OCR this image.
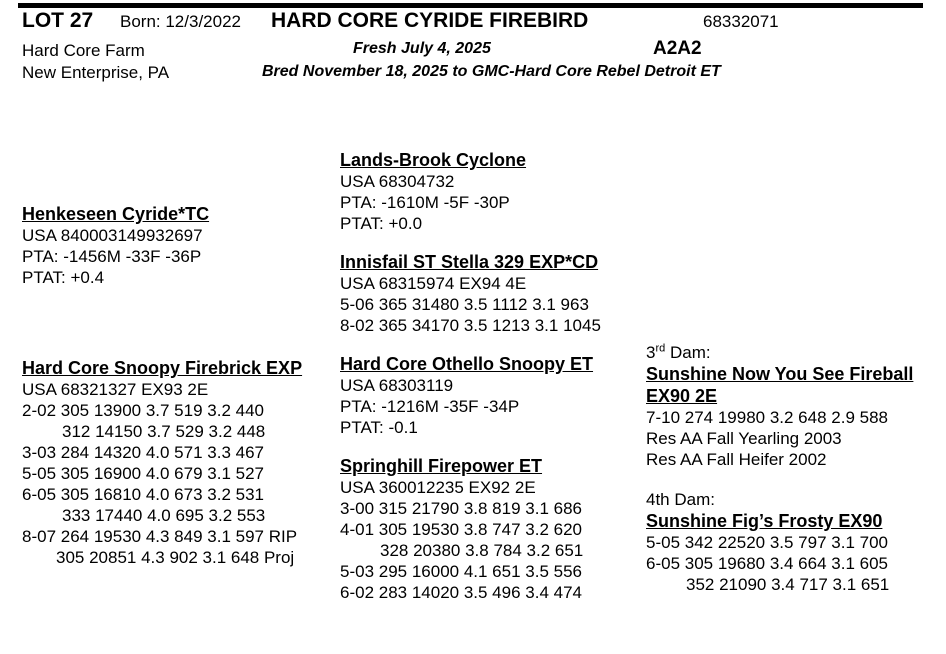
LOT 27 Born: 12/3/2022 HARD CORE CYRIDE FIREBIRD	68332071
Hard Core Farm
New Enterprise, PA
Fresh July 4, 2025	A2A2
Bred November 18, 2025 to GMC-Hard Core Rebel Detroit ET
Henkeseen Cyride*TC
USA 840003149932697
PTA: -1456M -33F -36P
PTAT: +0.4
Hard Core Snoopy Firebrick EXP
USA 68321327 EX93 2E
2-02 305 13900 3.7 519 3.2 440
312 14150 3.7 529 3.2 448
3-03 284 14320 4.0 571 3.3 467
5-05 305 16900 4.0 679 3.1 527
6-05 305 16810 4.0 673 3.2 531
333 17440 4.0 695 3.2 553
8-07 264 19530 4.3 849 3.1 597 RIP
305 20851 4.3 902 3.1 648 Proj
Lands-Brook Cyclone
USA 68304732
PTA: -1610M -5F -30P
PTAT: +0.0
Innisfail ST Stella 329 EXP*CD
USA 68315974 EX94 4E
5-06 365 31480 3.5 1112 3.1 963
8-02 365 34170 3.5 1213 3.1 1045
Hard Core Othello Snoopy ET
USA 68303119
PTA: -1216M -35F -34P
PTAT: -0.1
Springhill Firepower ET
USA 360012235 EX92 2E
3-00 315 21790 3.8 819 3.1 686
4-01 305 19530 3.8 747 3.2 620
328 20380 3.8 784 3.2 651
5-03 295 16000 4.1 651 3.5 556
6-02 283 14020 3.5 496 3.4 474
3rd Dam:
Sunshine Now You See Fireball EX90 2E
7-10 274 19980 3.2 648 2.9 588
Res AA Fall Yearling 2003
Res AA Fall Heifer 2002
4th Dam:
Sunshine Fig’s Frosty EX90
5-05 342 22520 3.5 797 3.1 700
6-05 305 19680 3.4 664 3.1 605
352 21090 3.4 717 3.1 651
